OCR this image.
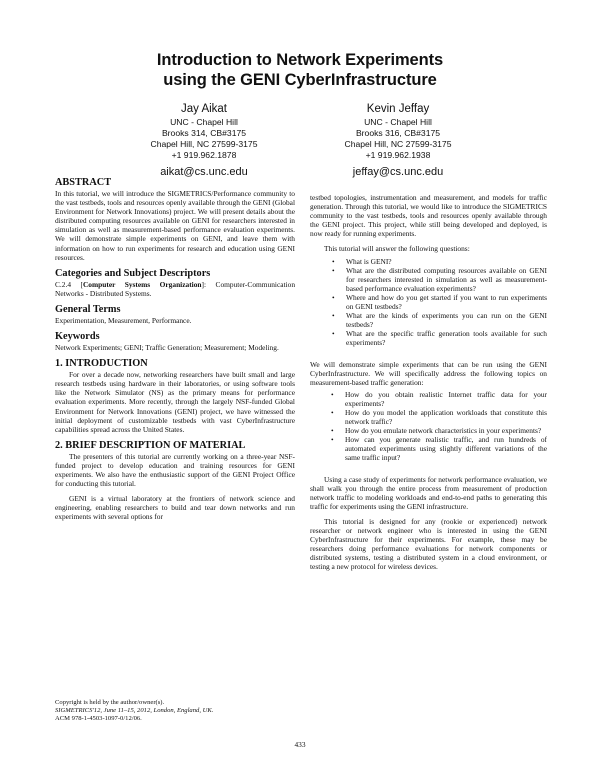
Introduction to Network Experiments
using the GENI CyberInfrastructure
Jay Aikat
UNC - Chapel Hill
Brooks 314, CB#3175
Chapel Hill, NC 27599-3175
+1 919.962.1878
aikat@cs.unc.edu
Kevin Jeffay
UNC - Chapel Hill
Brooks 316, CB#3175
Chapel Hill, NC 27599-3175
+1 919.962.1938
jeffay@cs.unc.edu
ABSTRACT

In this tutorial, we will introduce the SIGMETRICS/Performance community to the vast testbeds, tools and resources openly available through the GENI (Global Environment for Network Innovations) project. We will present details about the distributed computing resources available on GENI for researchers interested in simulation as well as measurement-based performance evaluation experiments. We will demonstrate simple experiments on GENI, and leave them with information on how to run experiments for research and education using GENI resources.

Categories and Subject Descriptors

C.2.4 [Computer Systems Organization]: Computer-Communication Networks - Distributed Systems.

General Terms

Experimentation, Measurement, Performance.

Keywords

Network Experiments; GENI; Traffic Generation; Measurement; Modeling.

1. INTRODUCTION

For over a decade now, networking researchers have built small and large research testbeds using hardware in their laboratories, or using software tools like the Network Simulator (NS) as the primary means for performance evaluation experiments. More recently, through the largely NSF-funded Global Environment for Network Innovations (GENI) project, we have witnessed the initial deployment of customizable testbeds with vast CyberInfrastructure capabilities spread across the United States.

2. BRIEF DESCRIPTION OF MATERIAL

The presenters of this tutorial are currently working on a three-year NSF-funded project to develop education and training resources for GENI experiments. We also have the enthusiastic support of the GENI Project Office for conducting this tutorial.

GENI is a virtual laboratory at the frontiers of network science and engineering, enabling researchers to build and tear down networks and run experiments with several options for

Copyright is held by the author/owner(s).
SIGMETRICS'12, June 11–15, 2012, London, England, UK.
ACM 978-1-4503-1097-0/12/06.

testbed topologies, instrumentation and measurement, and models for traffic generation. Through this tutorial, we would like to introduce the SIGMETRICS community to the vast testbeds, tools and resources openly available through the GENI project. This project, while still being developed and deployed, is now ready for running experiments.

This tutorial will answer the following questions:

• What is GENI?
• What are the distributed computing resources available on GENI for researchers interested in simulation as well as measurement-based performance evaluation experiments?
• Where and how do you get started if you want to run experiments on GENI testbeds?
• What are the kinds of experiments you can run on the GENI testbeds?
• What are the specific traffic generation tools available for such experiments?

We will demonstrate simple experiments that can be run using the GENI CyberInfrastructure. We will specifically address the following topics on measurement-based traffic generation:

• How do you obtain realistic Internet traffic data for your experiments?
• How do you model the application workloads that constitute this network traffic?
• How do you emulate network characteristics in your experiments?
• How can you generate realistic traffic, and run hundreds of automated experiments using slightly different variations of the same traffic input?

Using a case study of experiments for network performance evaluation, we shall walk you through the entire process from measurement of production network traffic to modeling workloads and end-to-end paths to generating this traffic for experiments using the GENI infrastructure.

This tutorial is designed for any (rookie or experienced) network researcher or network engineer who is interested in using the GENI CyberInfrastructure for their experiments. For example, these may be researchers doing performance evaluations for network components or distributed systems, testing a distributed system in a cloud environment, or testing a new protocol for wireless devices.

433
